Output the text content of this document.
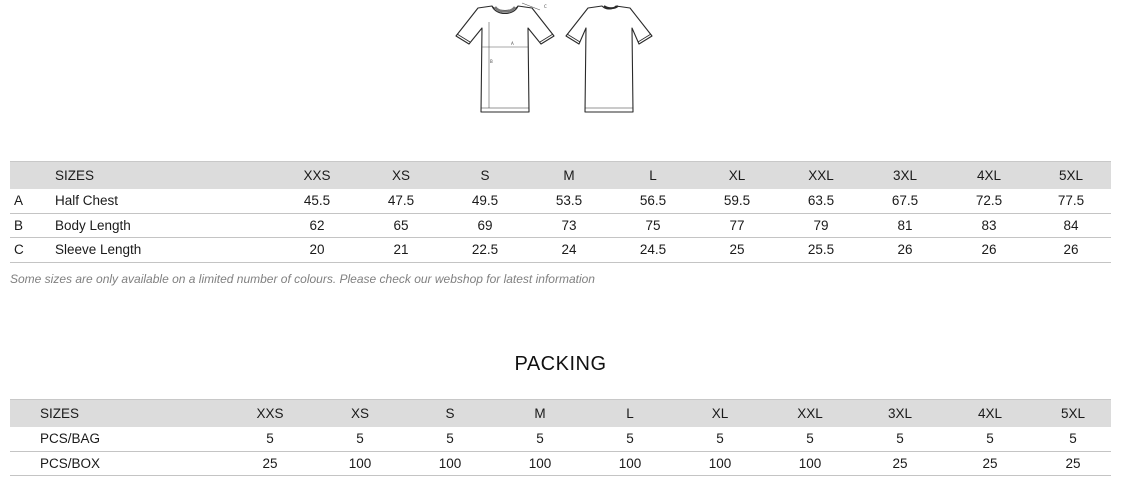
A
B
C
	SIZES	XXS	XS	S	M	L	XL	XXL	3XL	4XL	5XL
A	Half Chest	45.5	47.5	49.5	53.5	56.5	59.5	63.5	67.5	72.5	77.5
B	Body Length	62	65	69	73	75	77	79	81	83	84
C	Sleeve Length	20	21	22.5	24	24.5	25	25.5	26	26	26
Some sizes are only available on a limited number of colours. Please check our webshop for latest information
PACKING
SIZES	XXS	XS	S	M	L	XL	XXL	3XL	4XL	5XL
PCS/BAG	5	5	5	5	5	5	5	5	5	5
PCS/BOX	25	100	100	100	100	100	100	25	25	25
